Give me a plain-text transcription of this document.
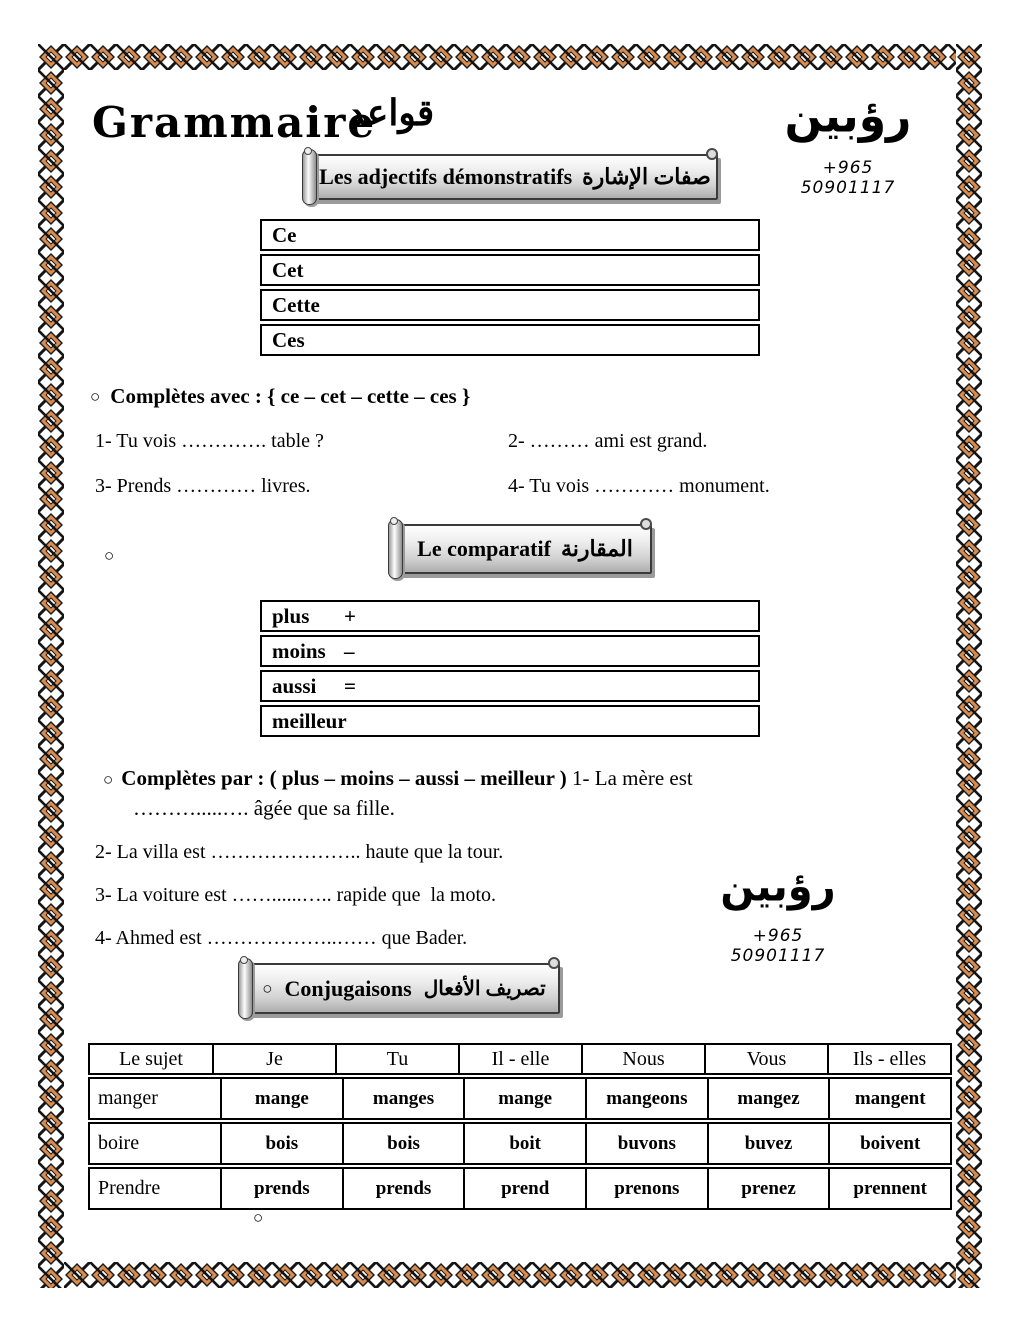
Grammaire
قواعد	رؤبين
+965 50901117
Les adjectifs démonstratifs صفات الإشارة
Ce
Cet
Cette
Ces
○ Complètes avec : { ce – cet – cette – ces }
1- Tu vois …………. table ?	2- ……… ami est grand.
3- Prends ………… livres.	4- Tu vois ………… monument.
○	Le comparatif المقارنة
plus	+
moins –
aussi	=
meilleur
○ Complètes par : ( plus – moins – aussi – meilleur ) 1- La mère est
……….....…. âgée que sa fille.
2- La villa est ………………….. haute que la tour.
3- La voiture est ……......….. rapide que  la moto.
4- Ahmed est ………………..…… que Bader.
رؤبين
+965 50901117
○ Conjugaisons تصريف الأفعال
Le sujet	Je	Tu	Il - elle	Nous	Vous	Ils - elles
manger	mange	manges	mange	mangeons	mangez	mangent
boire	bois	bois	boit	buvons	buvez	boivent
Prendre	prends	prends	prend	prenons	prenez	prennent
○
